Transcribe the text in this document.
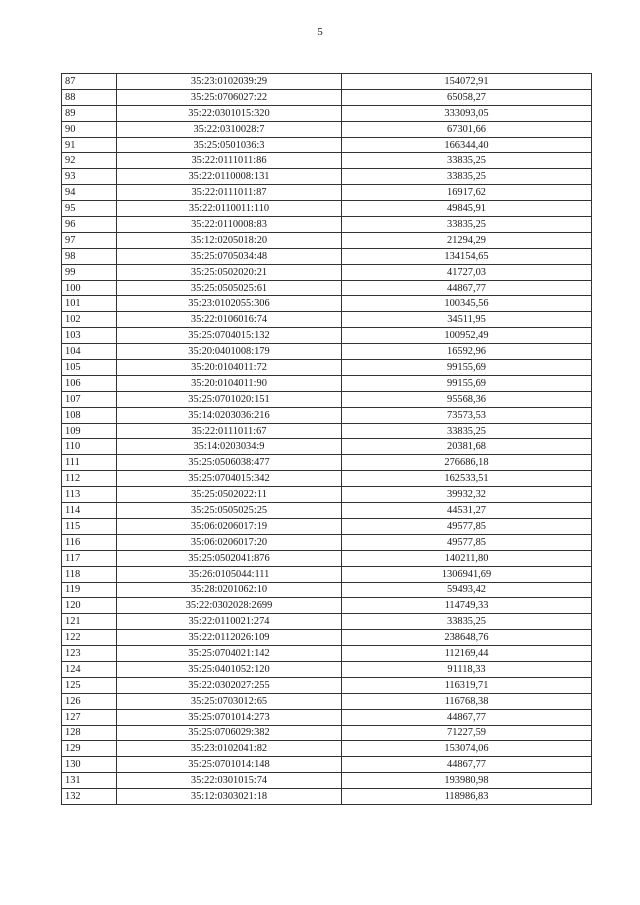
5
87	35:23:0102039:29	154072,91
88	35:25:0706027:22	65058,27
89	35:22:0301015:320	333093,05
90	35:22:0310028:7	67301,66
91	35:25:0501036:3	166344,40
92	35:22:0111011:86	33835,25
93	35:22:0110008:131	33835,25
94	35:22:0111011:87	16917,62
95	35:22:0110011:110	49845,91
96	35:22:0110008:83	33835,25
97	35:12:0205018:20	21294,29
98	35:25:0705034:48	134154,65
99	35:25:0502020:21	41727,03
100	35:25:0505025:61	44867,77
101	35:23:0102055:306	100345,56
102	35:22:0106016:74	34511,95
103	35:25:0704015:132	100952,49
104	35:20:0401008:179	16592,96
105	35:20:0104011:72	99155,69
106	35:20:0104011:90	99155,69
107	35:25:0701020:151	95568,36
108	35:14:0203036:216	73573,53
109	35:22:0111011:67	33835,25
110	35:14:0203034:9	20381,68
111	35:25:0506038:477	276686,18
112	35:25:0704015:342	162533,51
113	35:25:0502022:11	39932,32
114	35:25:0505025:25	44531,27
115	35:06:0206017:19	49577,85
116	35:06:0206017:20	49577,85
117	35:25:0502041:876	140211,80
118	35:26:0105044:111	1306941,69
119	35:28:0201062:10	59493,42
120	35:22:0302028:2699	114749,33
121	35:22:0110021:274	33835,25
122	35:22:0112026:109	238648,76
123	35:25:0704021:142	112169,44
124	35:25:0401052:120	91118,33
125	35:22:0302027:255	116319,71
126	35:25:0703012:65	116768,38
127	35:25:0701014:273	44867,77
128	35:25:0706029:382	71227,59
129	35:23:0102041:82	153074,06
130	35:25:0701014:148	44867,77
131	35:22:0301015:74	193980,98
132	35:12:0303021:18	118986,83
